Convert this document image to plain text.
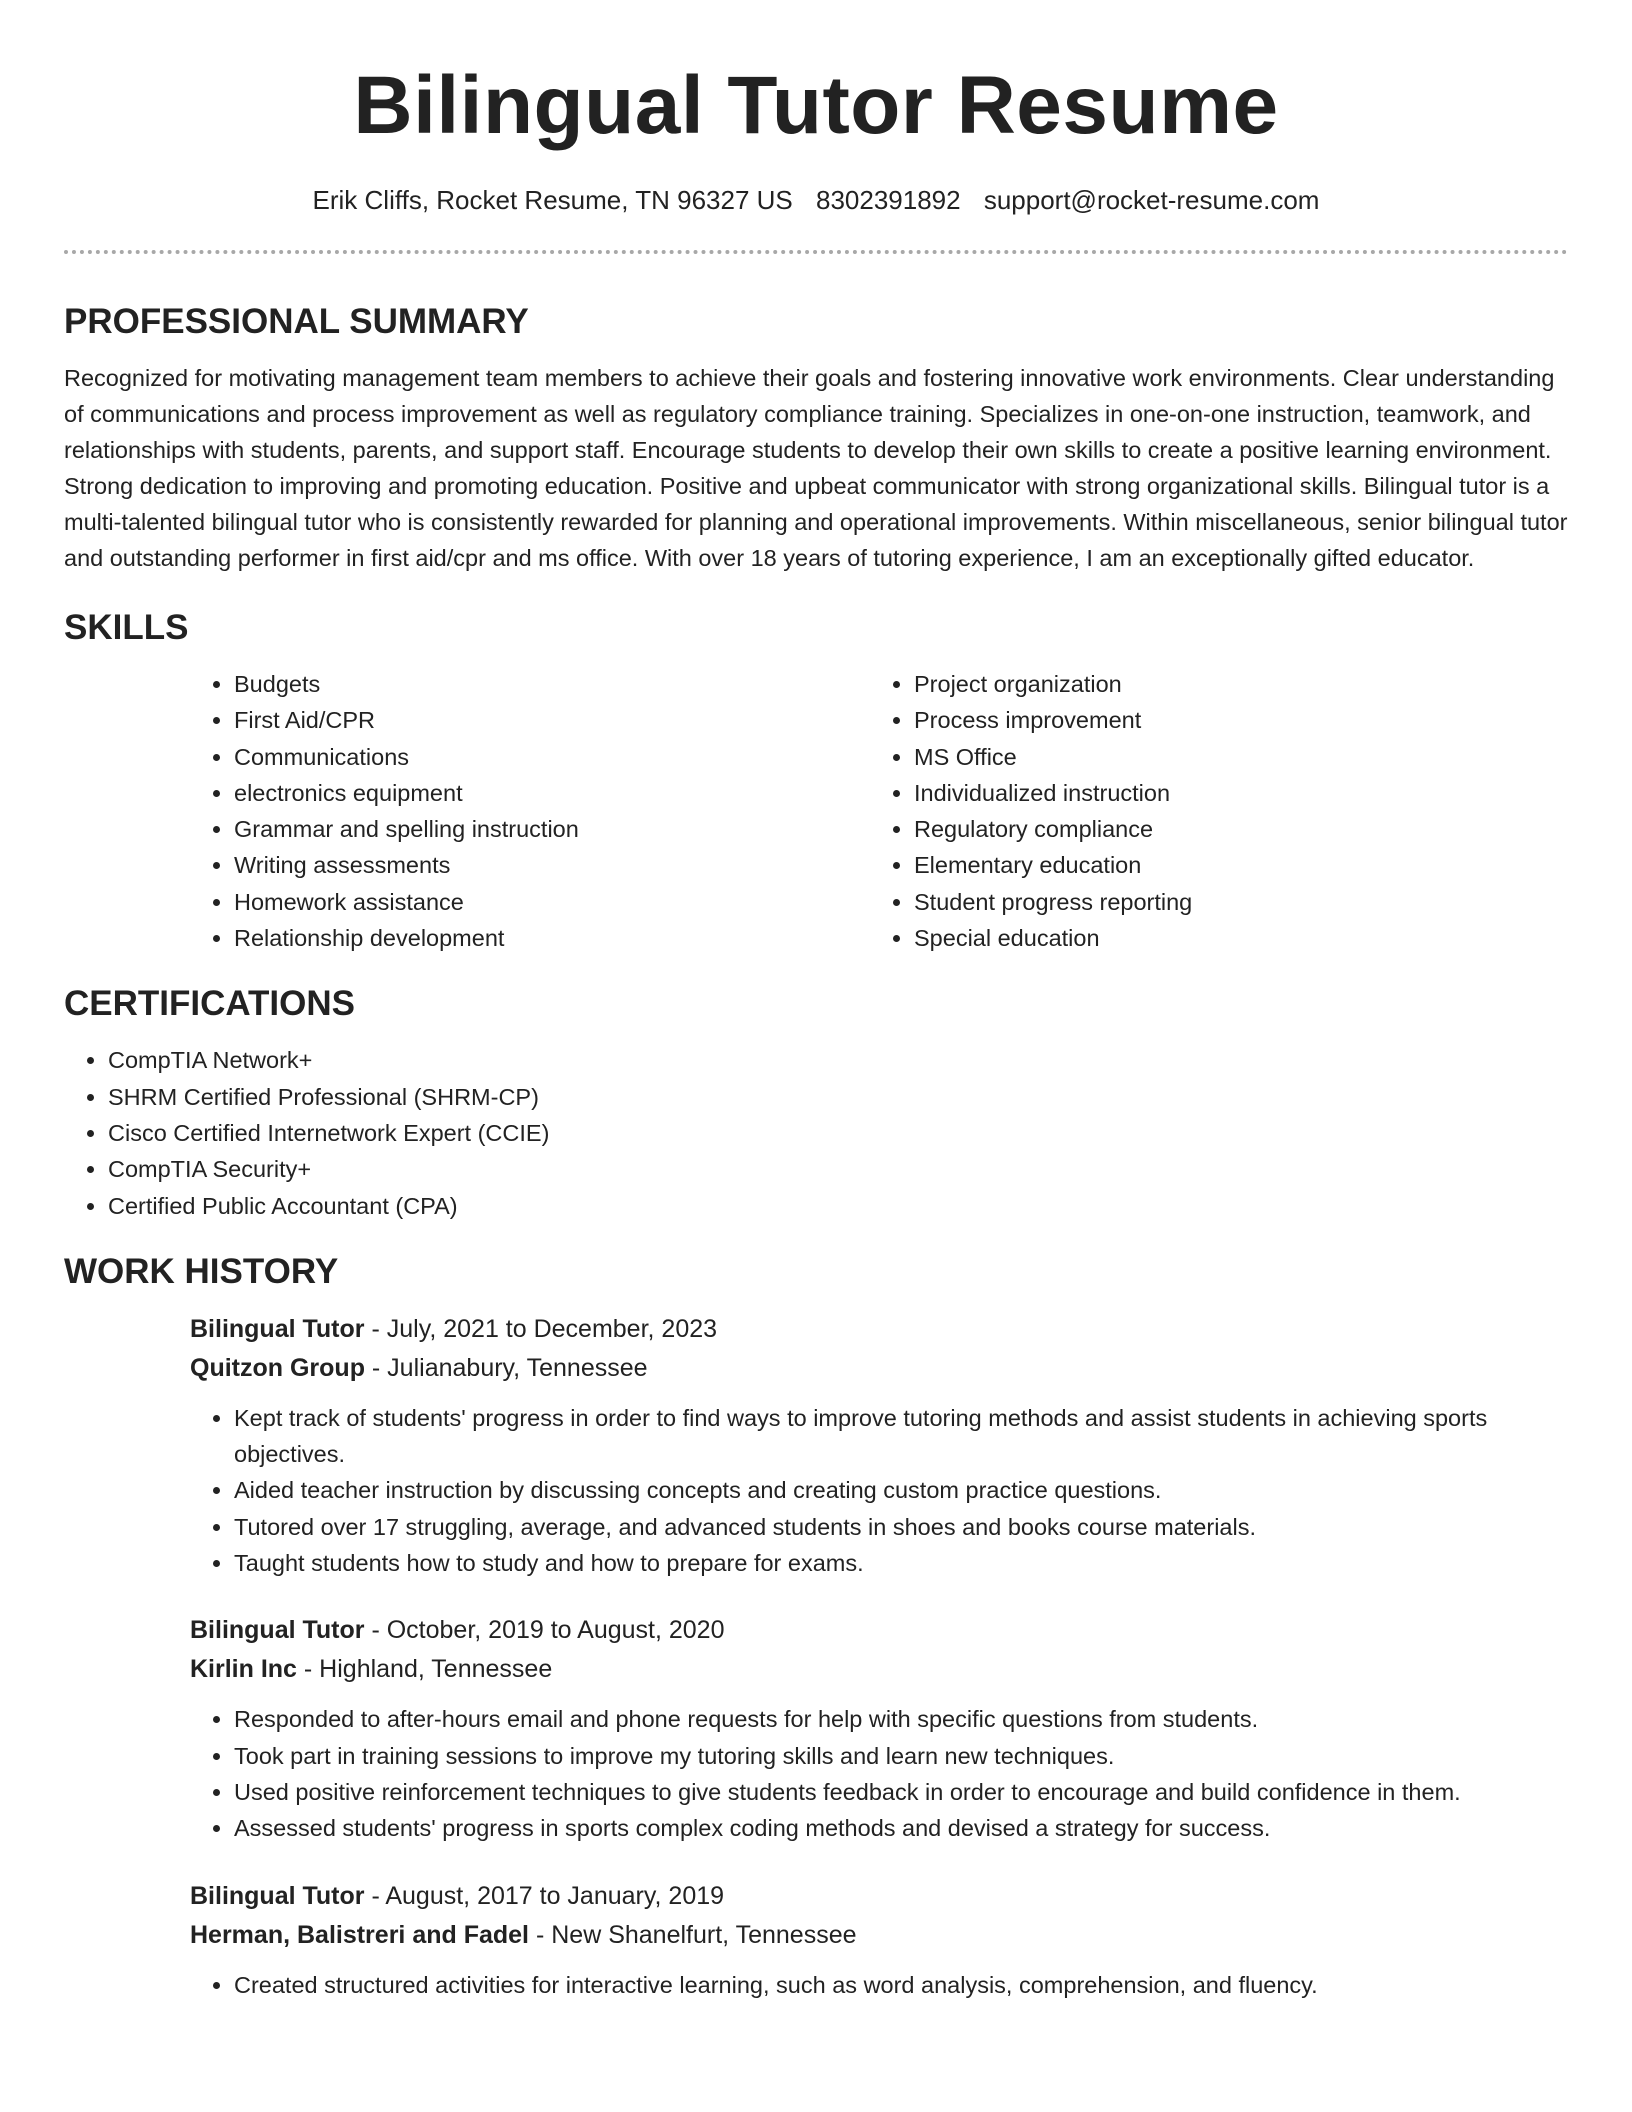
Bilingual Tutor Resume
Erik Cliffs, Rocket Resume, TN 96327 US 8302391892 support@rocket-resume.com
PROFESSIONAL SUMMARY

Recognized for motivating management team members to achieve their goals and fostering innovative work environments. Clear understanding of communications and process improvement as well as regulatory compliance training. Specializes in one-on-one instruction, teamwork, and relationships with students, parents, and support staff. Encourage students to develop their own skills to create a positive learning environment. Strong dedication to improving and promoting education. Positive and upbeat communicator with strong organizational skills. Bilingual tutor is a multi-talented bilingual tutor who is consistently rewarded for planning and operational improvements. Within miscellaneous, senior bilingual tutor and outstanding performer in first aid/cpr and ms office. With over 18 years of tutoring experience, I am an exceptionally gifted educator.

SKILLS
• Budgets
• First Aid/CPR
• Communications
• electronics equipment
• Grammar and spelling instruction
• Writing assessments
• Homework assistance
• Relationship development
• Project organization
• Process improvement
• MS Office
• Individualized instruction
• Regulatory compliance
• Elementary education
• Student progress reporting
• Special education
CERTIFICATIONS
• CompTIA Network+
• SHRM Certified Professional (SHRM-CP)
• Cisco Certified Internetwork Expert (CCIE)
• CompTIA Security+
• Certified Public Accountant (CPA)
WORK HISTORY
Bilingual Tutor - July, 2021 to December, 2023
Quitzon Group - Julianabury, Tennessee
• Kept track of students' progress in order to find ways to improve tutoring methods and assist students in achieving sports objectives.
• Aided teacher instruction by discussing concepts and creating custom practice questions.
• Tutored over 17 struggling, average, and advanced students in shoes and books course materials.
• Taught students how to study and how to prepare for exams.
Bilingual Tutor - October, 2019 to August, 2020
Kirlin Inc - Highland, Tennessee
• Responded to after-hours email and phone requests for help with specific questions from students.
• Took part in training sessions to improve my tutoring skills and learn new techniques.
• Used positive reinforcement techniques to give students feedback in order to encourage and build confidence in them.
• Assessed students' progress in sports complex coding methods and devised a strategy for success.
Bilingual Tutor - August, 2017 to January, 2019
Herman, Balistreri and Fadel - New Shanelfurt, Tennessee
• Created structured activities for interactive learning, such as word analysis, comprehension, and fluency.
